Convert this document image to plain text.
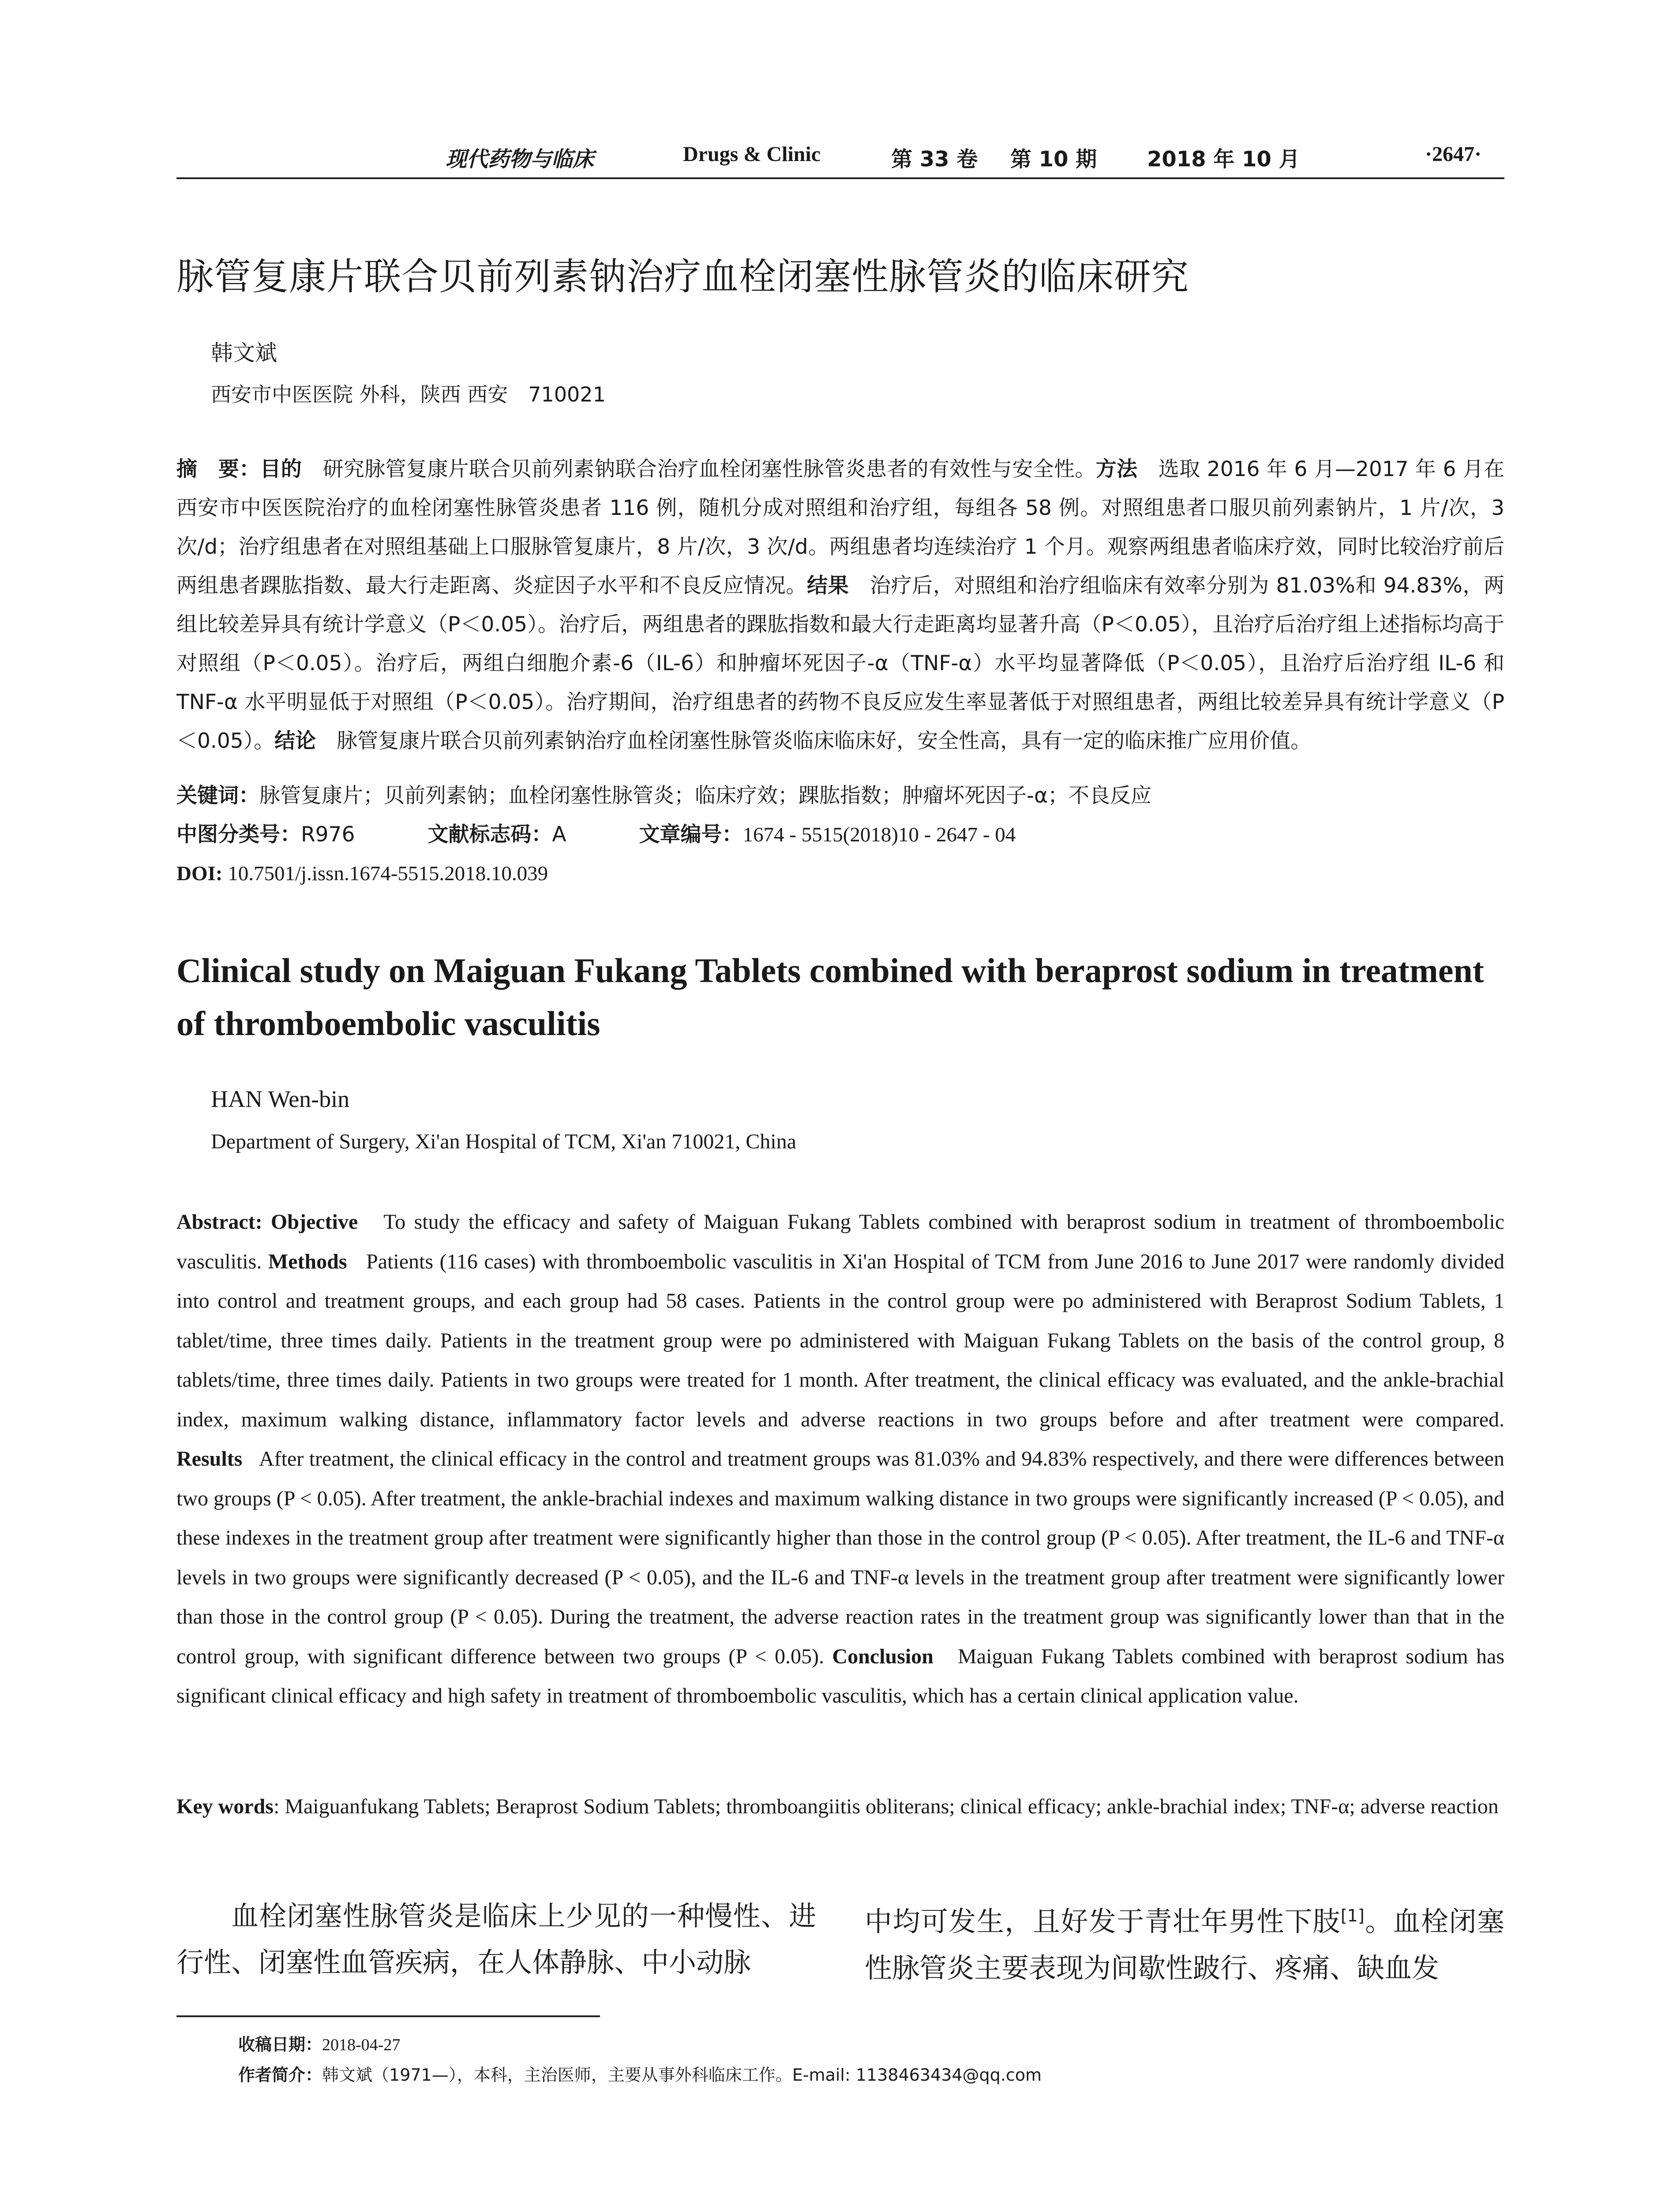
现代药物与临床	Drugs & Clinic	第 33 卷 第 10 期 2018 年 10 月	·2647·
脉管复康片联合贝前列素钠治疗血栓闭塞性脉管炎的临床研究
韩文斌
西安市中医医院 外科，陕西 西安　710021
摘　要：目的　 研究脉管复康片联合贝前列素钠联合治疗血栓闭塞性脉管炎患者的有效性与安全性。方法　 选取 2016 年 6 月—2017 年 6 月在西安市中医医院治疗的血栓闭塞性脉管炎患者 116 例，随机分成对照组和治疗组，每组各 58 例。对照组患者口服贝前列素钠片，1 片/次，3 次/d；治疗组患者在对照组基础上口服脉管复康片，8 片/次，3 次/d。两组患者均连续治疗 1 个月。观察两组患者临床疗效，同时比较治疗前后两组患者踝肱指数、最大行走距离、炎症因子水平和不良反应情况。结果　 治疗后，对照组和治疗组临床有效率分别为 81.03%和 94.83%，两组比较差异具有统计学意义（P＜0.05）。治疗后，两组患者的踝肱指数和最大行走距离均显著升高（P＜0.05），且治疗后治疗组上述指标均高于对照组（P＜0.05）。治疗后，两组白细胞介素-6（IL-6）和肿瘤坏死因子-α（TNF-α）水平均显著降低（P＜0.05），且治疗后治疗组 IL-6 和 TNF-α 水平明显低于对照组（P＜0.05）。治疗期间，治疗组患者的药物不良反应发生率显著低于对照组患者，两组比较差异具有统计学意义（P＜0.05）。结论　 脉管复康片联合贝前列素钠治疗血栓闭塞性脉管炎临床临床好，安全性高，具有一定的临床推广应用价值。
关键词：脉管复康片；贝前列素钠；血栓闭塞性脉管炎；临床疗效；踝肱指数；肿瘤坏死因子-α；不良反应
中图分类号：R976	文献标志码：A	文章编号：1674 - 5515(2018)10 - 2647 - 04
DOI: 10.7501/j.issn.1674-5515.2018.10.039
Clinical study on Maiguan Fukang Tablets combined with beraprost sodium in treatment of thromboembolic vasculitis
HAN Wen-bin
Department of Surgery, Xi'an Hospital of TCM, Xi'an 710021, China
Abstract: Objective To study the efficacy and safety of Maiguan Fukang Tablets combined with beraprost sodium in treatment of thromboembolic vasculitis. Methods Patients (116 cases) with thromboembolic vasculitis in Xi'an Hospital of TCM from June 2016 to June 2017 were randomly divided into control and treatment groups, and each group had 58 cases. Patients in the control group were po administered with Beraprost Sodium Tablets, 1 tablet/time, three times daily. Patients in the treatment group were po administered with Maiguan Fukang Tablets on the basis of the control group, 8 tablets/time, three times daily. Patients in two groups were treated for 1 month. After treatment, the clinical efficacy was evaluated, and the ankle-brachial index, maximum walking distance, inflammatory factor levels and adverse reactions in two groups before and after treatment were compared. Results After treatment, the clinical efficacy in the control and treatment groups was 81.03% and 94.83% respectively, and there were differences between two groups (P < 0.05). After treatment, the ankle-brachial indexes and maximum walking distance in two groups were significantly increased (P < 0.05), and these indexes in the treatment group after treatment were significantly higher than those in the control group (P < 0.05). After treatment, the IL-6 and TNF-α levels in two groups were significantly decreased (P < 0.05), and the IL-6 and TNF-α levels in the treatment group after treatment were significantly lower than those in the control group (P < 0.05). During the treatment, the adverse reaction rates in the treatment group was significantly lower than that in the control group, with significant difference between two groups (P < 0.05). Conclusion Maiguan Fukang Tablets combined with beraprost sodium has significant clinical efficacy and high safety in treatment of thromboembolic vasculitis, which has a certain clinical application value.
Key words: Maiguanfukang Tablets; Beraprost Sodium Tablets; thromboangiitis obliterans; clinical efficacy; ankle-brachial index; TNF-α; adverse reaction
血栓闭塞性脉管炎是临床上少见的一种慢性、进行性、闭塞性血管疾病，在人体静脉、中小动脉
中均可发生，且好发于青壮年男性下肢[1]。血栓闭塞性脉管炎主要表现为间歇性跛行、疼痛、缺血发
收稿日期：2018-04-27
作者简介：韩文斌（1971—），本科，主治医师，主要从事外科临床工作。E-mail: 1138463434@qq.com
